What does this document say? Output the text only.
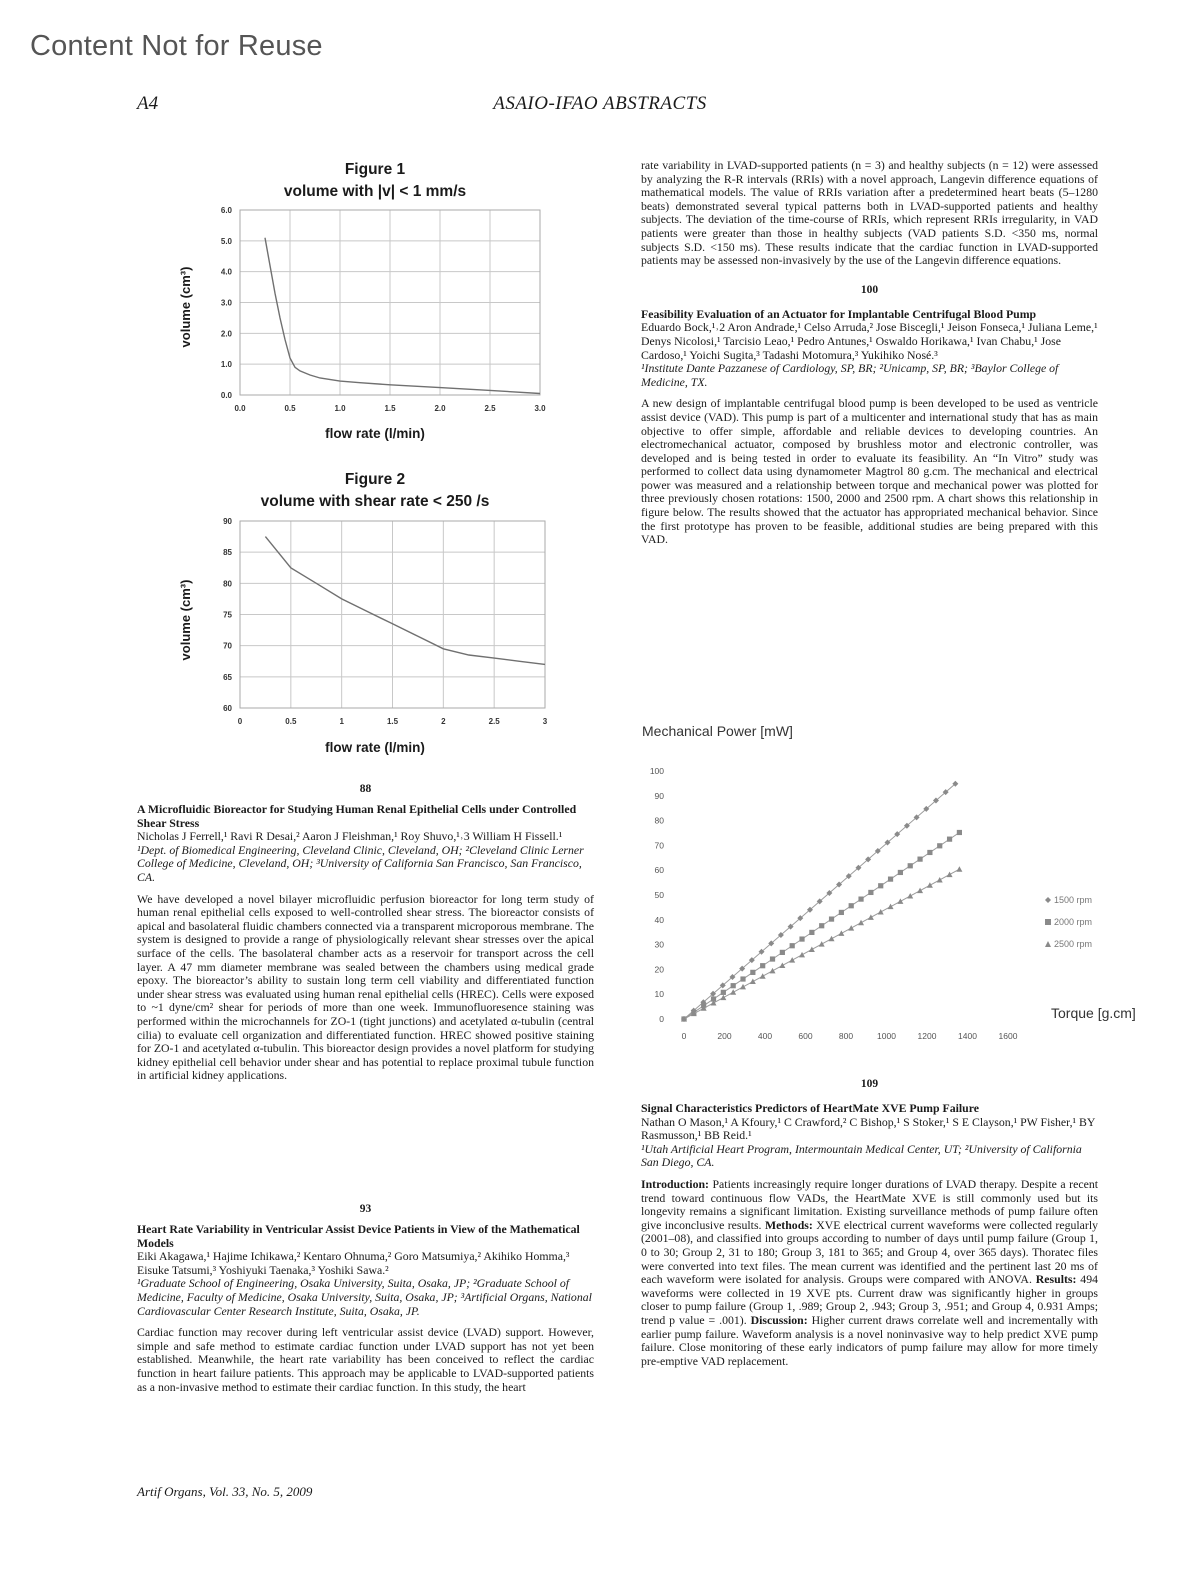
Content Not for Reuse
A4	ASAIO-IFAO ABSTRACTS
Figure 1
volume with |v| < 1 mm/s
flow rate (l/min)
volume (cm³)
0.0
1.0
2.0
3.0
4.0
5.0
6.0
0.0	0.5	1.0	1.5	2.0	2.5	3.0
Figure 2
volume with shear rate < 250 /s
flow rate (l/min)
volume (cm³)
60
65
70
75
80
85
90
0	0.5	1	1.5	2	2.5	3

88

A Microfluidic Bioreactor for Studying Human Renal Epithelial Cells under Controlled Shear Stress

Nicholas J Ferrell,¹ Ravi R Desai,² Aaron J Fleishman,¹ Roy Shuvo,¹˒3 William H Fissell.¹

¹Dept. of Biomedical Engineering, Cleveland Clinic, Cleveland, OH; ²Cleveland Clinic Lerner College of Medicine, Cleveland, OH; ³University of California San Francisco, San Francisco, CA.

We have developed a novel bilayer microfluidic perfusion bioreactor for long term study of human renal epithelial cells exposed to well-controlled shear stress. The bioreactor consists of apical and basolateral fluidic chambers connected via a transparent microporous membrane. The system is designed to provide a range of physiologically relevant shear stresses over the apical surface of the cells. The basolateral chamber acts as a reservoir for transport across the cell layer. A 47 mm diameter membrane was sealed between the chambers using medical grade epoxy. The bioreactor’s ability to sustain long term cell viability and differentiated function under shear stress was evaluated using human renal epithelial cells (HREC). Cells were exposed to ~1 dyne/cm² shear for periods of more than one week. Immunofluoresence staining was performed within the microchannels for ZO-1 (tight junctions) and acetylated α-tubulin (central cilia) to evaluate cell organization and differentiated function. HREC showed positive staining for ZO-1 and acetylated α-tubulin. This bioreactor design provides a novel platform for studying kidney epithelial cell behavior under shear and has potential to replace proximal tubule function in artificial kidney applications.

93

Heart Rate Variability in Ventricular Assist Device Patients in View of the Mathematical Models

Eiki Akagawa,¹ Hajime Ichikawa,² Kentaro Ohnuma,² Goro Matsumiya,² Akihiko Homma,³ Eisuke Tatsumi,³ Yoshiyuki Taenaka,³ Yoshiki Sawa.²

¹Graduate School of Engineering, Osaka University, Suita, Osaka, JP; ²Graduate School of Medicine, Faculty of Medicine, Osaka University, Suita, Osaka, JP; ³Artificial Organs, National Cardiovascular Center Research Institute, Suita, Osaka, JP.

Cardiac function may recover during left ventricular assist device (LVAD) support. However, simple and safe method to estimate cardiac function under LVAD support has not yet been established. Meanwhile, the heart rate variability has been conceived to reflect the cardiac function in heart failure patients. This approach may be applicable to LVAD-supported patients as a non-invasive method to estimate their cardiac function. In this study, the heart

Artif Organs, Vol. 33, No. 5, 2009

rate variability in LVAD-supported patients (n = 3) and healthy subjects (n = 12) were assessed by analyzing the R-R intervals (RRIs) with a novel approach, Langevin difference equations of mathematical models. The value of RRIs variation after a predetermined heart beats (5–1280 beats) demonstrated several typical patterns both in LVAD-supported patients and healthy subjects. The deviation of the time-course of RRIs, which represent RRIs irregularity, in VAD patients were greater than those in healthy subjects (VAD patients S.D. <350 ms, normal subjects S.D. <150 ms). These results indicate that the cardiac function in LVAD-supported patients may be assessed non-invasively by the use of the Langevin difference equations.

100

Feasibility Evaluation of an Actuator for Implantable Centrifugal Blood Pump

Eduardo Bock,¹˒2 Aron Andrade,¹ Celso Arruda,² Jose Biscegli,¹ Jeison Fonseca,¹ Juliana Leme,¹ Denys Nicolosi,¹ Tarcisio Leao,¹ Pedro Antunes,¹ Oswaldo Horikawa,¹ Ivan Chabu,¹ Jose Cardoso,¹ Yoichi Sugita,³ Tadashi Motomura,³ Yukihiko Nosé.³

¹Institute Dante Pazzanese of Cardiology, SP, BR; ²Unicamp, SP, BR; ³Baylor College of Medicine, TX.

A new design of implantable centrifugal blood pump is been developed to be used as ventricle assist device (VAD). This pump is part of a multicenter and international study that has as main objective to offer simple, affordable and reliable devices to developing countries. An electromechanical actuator, composed by brushless motor and electronic controller, was developed and is being tested in order to evaluate its feasibility. An “In Vitro” study was performed to collect data using dynamometer Magtrol 80 g.cm. The mechanical and electrical power was measured and a relationship between torque and mechanical power was plotted for three previously chosen rotations: 1500, 2000 and 2500 rpm. A chart shows this relationship in figure below. The results showed that the actuator has appropriated mechanical behavior. Since the first prototype has proven to be feasible, additional studies are being prepared with this VAD.

Mechanical Power [mW]
Torque [g.cm]
0
10
20
30
40
50
60
70
80
90
100
0	200	400	600	800	1000	1200	1400	1600
1500 rpm
2000 rpm
2500 rpm

109

Signal Characteristics Predictors of HeartMate XVE Pump Failure

Nathan O Mason,¹ A Kfoury,¹ C Crawford,² C Bishop,¹ S Stoker,¹ S E Clayson,¹ PW Fisher,¹ BY Rasmusson,¹ BB Reid.¹

¹Utah Artificial Heart Program, Intermountain Medical Center, UT; ²University of California San Diego, CA.

Introduction: Patients increasingly require longer durations of LVAD therapy. Despite a recent trend toward continuous flow VADs, the HeartMate XVE is still commonly used but its longevity remains a significant limitation. Existing surveillance methods of pump failure often give inconclusive results. Methods: XVE electrical current waveforms were collected regularly (2001–08), and classified into groups according to number of days until pump failure (Group 1, 0 to 30; Group 2, 31 to 180; Group 3, 181 to 365; and Group 4, over 365 days). Thoratec files were converted into text files. The mean current was identified and the pertinent last 20 ms of each waveform were isolated for analysis. Groups were compared with ANOVA. Results: 494 waveforms were collected in 19 XVE pts. Current draw was significantly higher in groups closer to pump failure (Group 1, .989; Group 2, .943; Group 3, .951; and Group 4, 0.931 Amps; trend p value = .001). Discussion: Higher current draws correlate well and incrementally with earlier pump failure. Waveform analysis is a novel noninvasive way to help predict XVE pump failure. Close monitoring of these early indicators of pump failure may allow for more timely pre-emptive VAD replacement.
